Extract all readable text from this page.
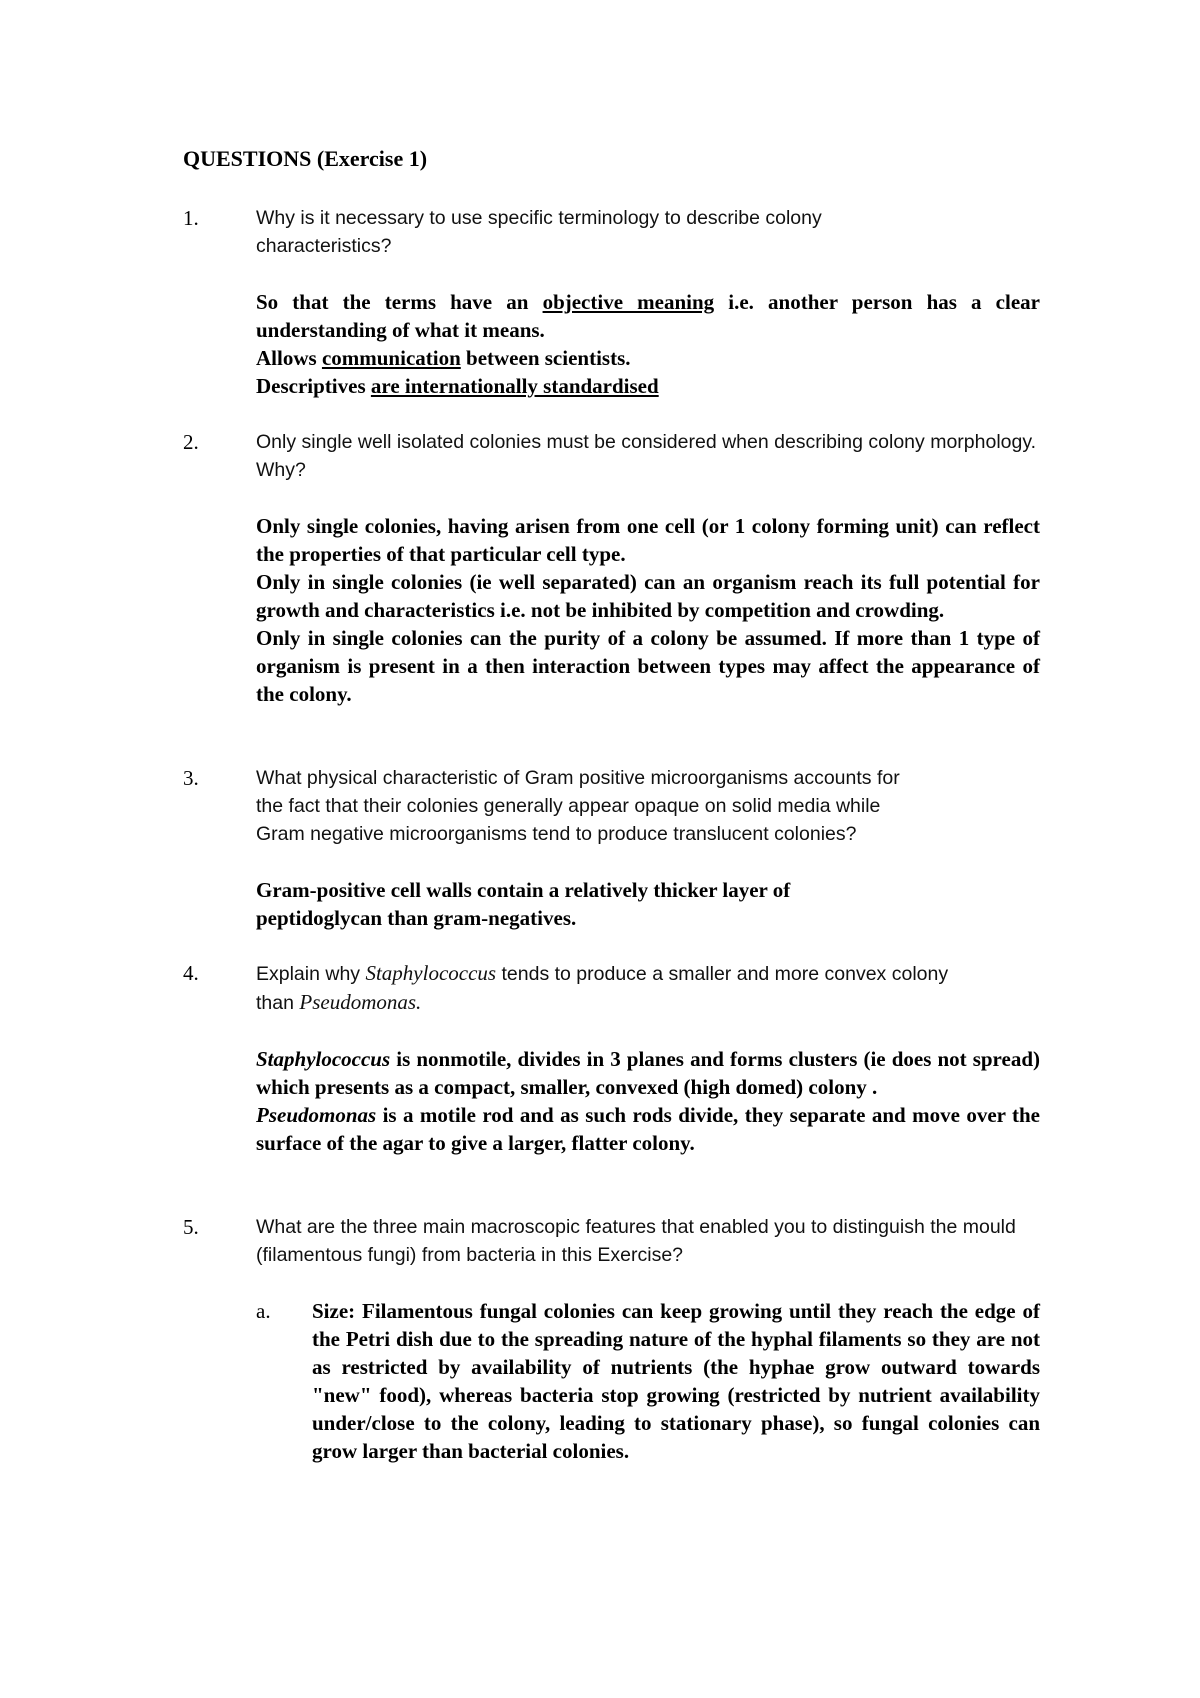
QUESTIONS (Exercise 1)
1.	Why is it necessary to use specific terminology to describe colony characteristics?

So that the terms have an objective meaning i.e. another person has a clear understanding of what it means.

Allows communication between scientists.

Descriptives are internationally standardised

2.	Only single well isolated colonies must be considered when describing colony morphology. Why?

Only single colonies, having arisen from one cell (or 1 colony forming unit) can reflect the properties of that particular cell type.

Only in single colonies (ie well separated) can an organism reach its full potential for growth and characteristics i.e. not be inhibited by competition and crowding.

Only in single colonies can the purity of a colony be assumed. If more than 1 type of organism is present in a then interaction between types may affect the appearance of the colony.

3.	What physical characteristic of Gram positive microorganisms accounts for
the fact that their colonies generally appear opaque on solid media while
Gram negative microorganisms tend to produce translucent colonies?
Gram-positive cell walls contain a relatively thicker layer of
peptidoglycan than gram-negatives.
4.	Explain why Staphylococcus tends to produce a smaller and more convex colony than Pseudomonas.

Staphylococcus is nonmotile, divides in 3 planes and forms clusters (ie does not spread) which presents as a compact, smaller, convexed (high domed) colony .

Pseudomonas is a motile rod and as such rods divide, they separate and move over the surface of the agar to give a larger, flatter colony.

5.	What are the three main macroscopic features that enabled you to distinguish the mould (filamentous fungi) from bacteria in this Exercise?

a. Size: Filamentous fungal colonies can keep growing until they reach the edge of the Petri dish due to the spreading nature of the hyphal filaments so they are not as restricted by availability of nutrients (the hyphae grow outward towards "new" food), whereas bacteria stop growing (restricted by nutrient availability under/close to the colony, leading to stationary phase), so fungal colonies can grow larger than bacterial colonies.
